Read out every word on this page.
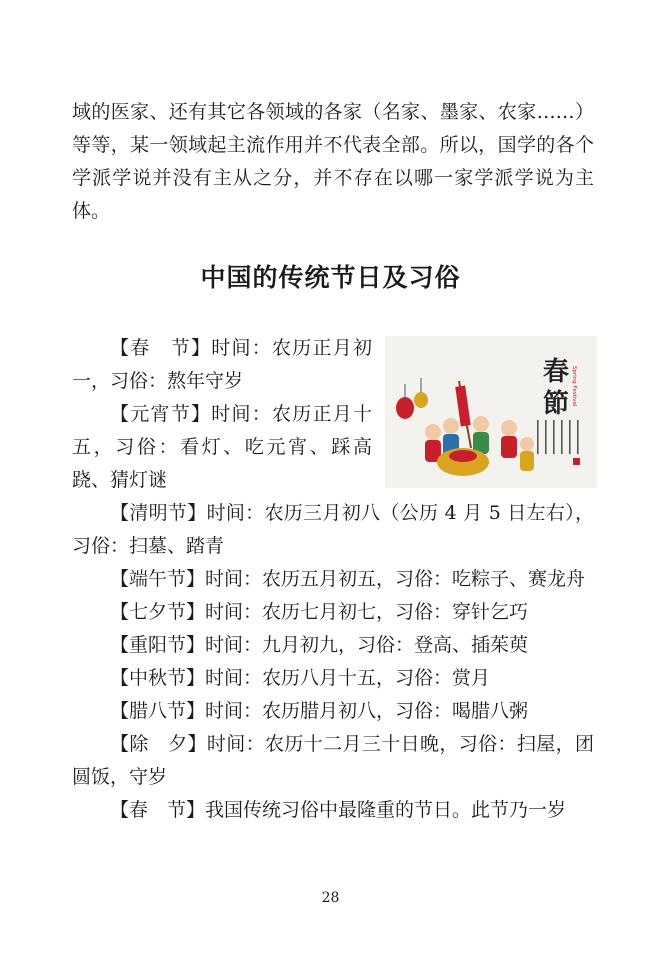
域的医家、还有其它各领域的各家（名家、墨家、农家……）等等，某一领域起主流作用并不代表全部。所以，国学的各个学派学说并没有主从之分，并不存在以哪一家学派学说为主体。

中国的传统节日及习俗
春
節 Spring Festival

【春　节】时间：农历正月初一，习俗：熬年守岁

【元宵节】时间：农历正月十五，习俗：看灯、吃元宵、踩高跷、猜灯谜

【清明节】时间：农历三月初八（公历 4 月 5 日左右），习俗：扫墓、踏青

【端午节】时间：农历五月初五，习俗：吃粽子、赛龙舟

【七夕节】时间：农历七月初七，习俗：穿针乞巧

【重阳节】时间：九月初九，习俗：登高、插茱萸

【中秋节】时间：农历八月十五，习俗：赏月

【腊八节】时间：农历腊月初八，习俗：喝腊八粥

【除　夕】时间：农历十二月三十日晚，习俗：扫屋，团圆饭，守岁

【春　节】我国传统习俗中最隆重的节日。此节乃一岁

28
